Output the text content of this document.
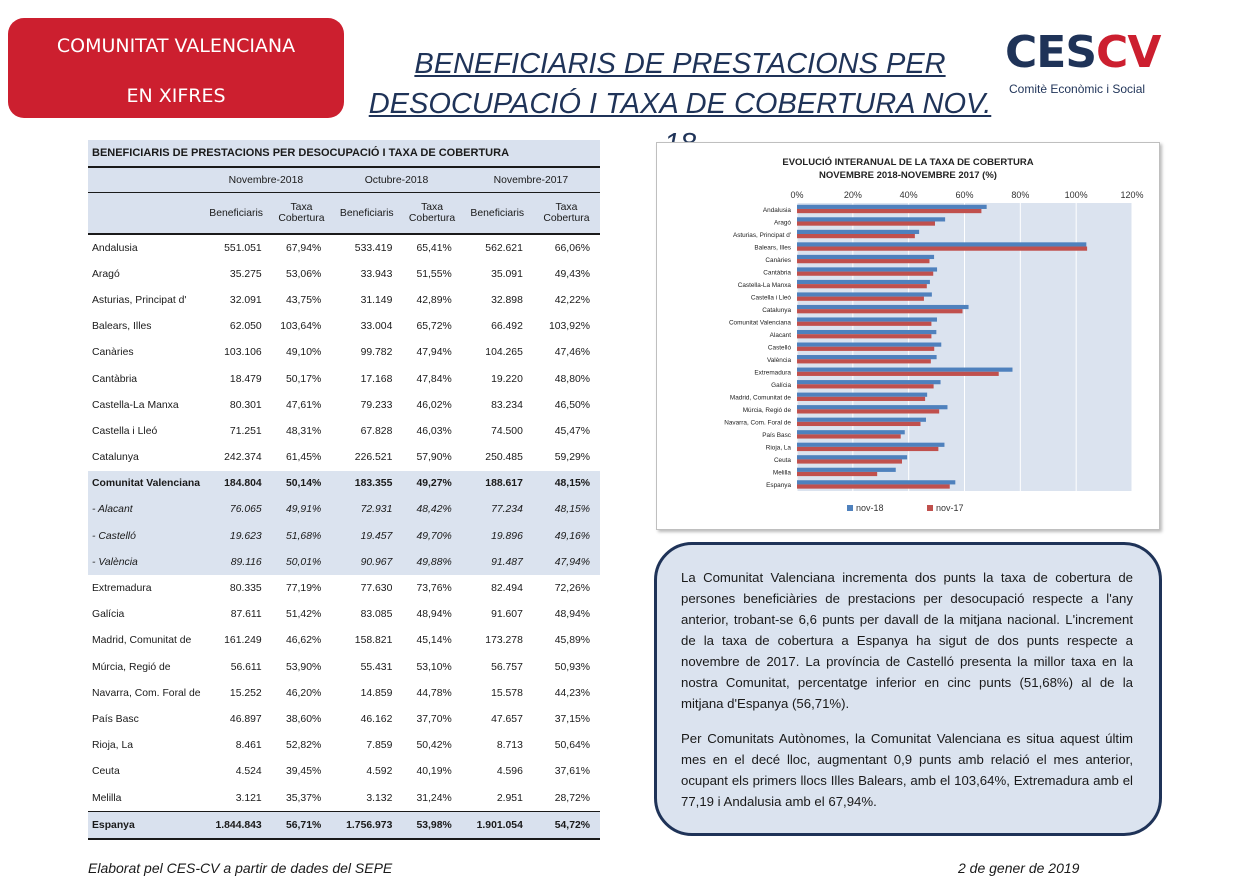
COMUNITAT VALENCIANA
EN XIFRES
BENEFICIARIS DE PRESTACIONS PER
DESOCUPACIÓ I TAXA DE COBERTURA NOV.
CESCV
Comitè Econòmic i Social
BENEFICIARIS DE PRESTACIONS PER DESOCUPACIÓ I TAXA DE COBERTURA
	Novembre-2018		Octubre-2018		Novembre-2017	
	Beneficiaris	Taxa Cobertura	Beneficiaris	Taxa Cobertura	Beneficiaris	Taxa Cobertura
Andalusia	551.051	67,94%	533.419	65,41%	562.621	66,06%
Aragó	35.275	53,06%	33.943	51,55%	35.091	49,43%
Asturias, Principat d'	32.091	43,75%	31.149	42,89%	32.898	42,22%
Balears, Illes	62.050	103,64%	33.004	65,72%	66.492	103,92%
Canàries	103.106	49,10%	99.782	47,94%	104.265	47,46%
Cantàbria	18.479	50,17%	17.168	47,84%	19.220	48,80%
Castella-La Manxa	80.301	47,61%	79.233	46,02%	83.234	46,50%
Castella i Lleó	71.251	48,31%	67.828	46,03%	74.500	45,47%
Catalunya	242.374	61,45%	226.521	57,90%	250.485	59,29%
Comunitat Valenciana	184.804	50,14%	183.355	49,27%	188.617	48,15%
- Alacant	76.065	49,91%	72.931	48,42%	77.234	48,15%
- Castelló	19.623	51,68%	19.457	49,70%	19.896	49,16%
- València	89.116	50,01%	90.967	49,88%	91.487	47,94%
Extremadura	80.335	77,19%	77.630	73,76%	82.494	72,26%
Galícia	87.611	51,42%	83.085	48,94%	91.607	48,94%
Madrid, Comunitat de	161.249	46,62%	158.821	45,14%	173.278	45,89%
Múrcia, Regió de	56.611	53,90%	55.431	53,10%	56.757	50,93%
Navarra, Com. Foral de	15.252	46,20%	14.859	44,78%	15.578	44,23%
País Basc	46.897	38,60%	46.162	37,70%	47.657	37,15%
Rioja, La	8.461	52,82%	7.859	50,42%	8.713	50,64%
Ceuta	4.524	39,45%	4.592	40,19%	4.596	37,61%
Melilla	3.121	35,37%	3.132	31,24%	2.951	28,72%
Espanya	1.844.843	56,71%	1.756.973	53,98%	1.901.054	54,72%
EVOLUCIÓ INTERANUAL DE LA TAXA DE COBERTURA
NOVEMBRE 2018-NOVEMBRE 2017 (%)
0%	20%	40%	60%	80%	100%	120%
Andalusia
Aragó
Asturias, Principat d'
Balears, Illes
Canàries
Cantàbria
Castella-La Manxa
Castella i Lleó
Catalunya
Comunitat Valenciana
Alacant
Castelló
València
Extremadura
Galícia
Madrid, Comunitat de
Múrcia, Regió de
Navarra, Com. Foral de
País Basc
Rioja, La
Ceuta
Melilla
Espanya
nov-18	nov-17

La Comunitat Valenciana incrementa dos punts la taxa de cobertura de persones beneficiàries de prestacions per desocupació respecte a l'any anterior, trobant-se 6,6 punts per davall de la mitjana nacional. L'increment de la taxa de cobertura a Espanya ha sigut de dos punts respecte a novembre de 2017. La província de Castelló presenta la millor taxa en la nostra Comunitat, percentatge inferior en cinc punts (51,68%) al de la mitjana d'Espanya (56,71%).

Per Comunitats Autònomes, la Comunitat Valenciana es situa aquest últim mes en el decé lloc, augmentant 0,9 punts amb relació el mes anterior, ocupant els primers llocs Illes Balears, amb el 103,64%, Extremadura amb el 77,19 i Andalusia amb el 67,94%.

Elaborat pel CES-CV a partir de dades del SEPE	2 de gener de 2019
